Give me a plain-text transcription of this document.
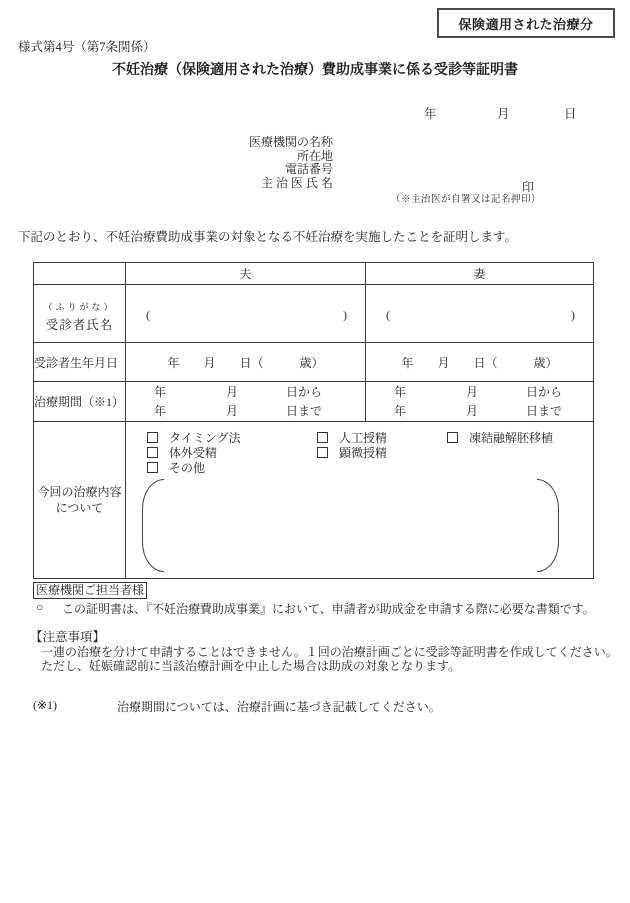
保険適用された治療分
様式第4号（第7条関係）
不妊治療（保険適用された治療）費助成事業に係る受診等証明書
年	月	日
医療機関の名称
所在地
電話番号
主 治 医 氏 名	印
（※主治医が自署又は記名押印）
下記のとおり、不妊治療費助成事業の対象となる不妊治療を実施したことを証明します。
	夫	妻

（ふりがな）
受診者氏名

(	)	(	)

受診者生年月日	年　　月　　日（　　　歳）	年　　月　　日（　　　歳）
治療期間（※1）	
年　　　　　月　　　　日から
年　　　　　月　　　　日まで

年　　　　　月　　　　日から
年　　　　　月　　　　日まで

今回の治療内容
について

タイミング法
体外受精
その他
人工授精
顕微授精
凍結融解胚移植
医療機関ご担当者様
○	この証明書は、『不妊治療費助成事業』において、申請者が助成金を申請する際に必要な書類です。
【注意事項】
一連の治療を分けて申請することはできません。１回の治療計画ごとに受診等証明書を作成してください。
ただし、妊娠確認前に当該治療計画を中止した場合は助成の対象となります。
(※1)	治療期間については、治療計画に基づき記載してください。
